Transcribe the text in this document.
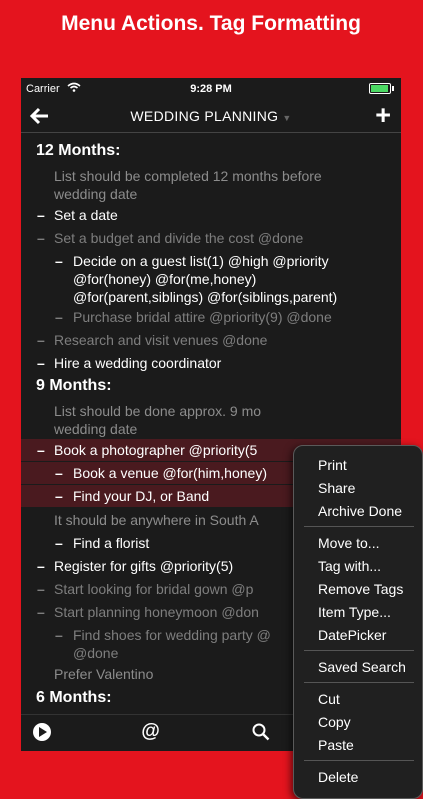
Menu Actions. Tag Formatting
Carrier	9:28 PM
WEDDING PLANNING ▼	+
12 Months:
List should be completed 12 months before
wedding date
– Set a date
– Set a budget and divide the cost @done
– Decide on a guest list(1) @high @priority
@for(honey) @for(me,honey)
@for(parent,siblings) @for(siblings,parent)
– Purchase bridal attire @priority(9) @done
– Research and visit venues @done
– Hire a wedding coordinator
9 Months:
List should be done approx. 9 mo
wedding date
– Book a photographer @priority(5
– Book a venue @for(him,honey)
– Find your DJ, or Band
It should be anywhere in South A
– Find a florist
– Register for gifts @priority(5)
– Start looking for bridal gown @p
– Start planning honeymoon @don
– Find shoes for wedding party @
@done
Prefer Valentino
6 Months:
@
Print
Share
Archive Done
Move to...
Tag with...
Remove Tags
Item Type...
DatePicker
Saved Search
Cut
Copy
Paste
Delete
